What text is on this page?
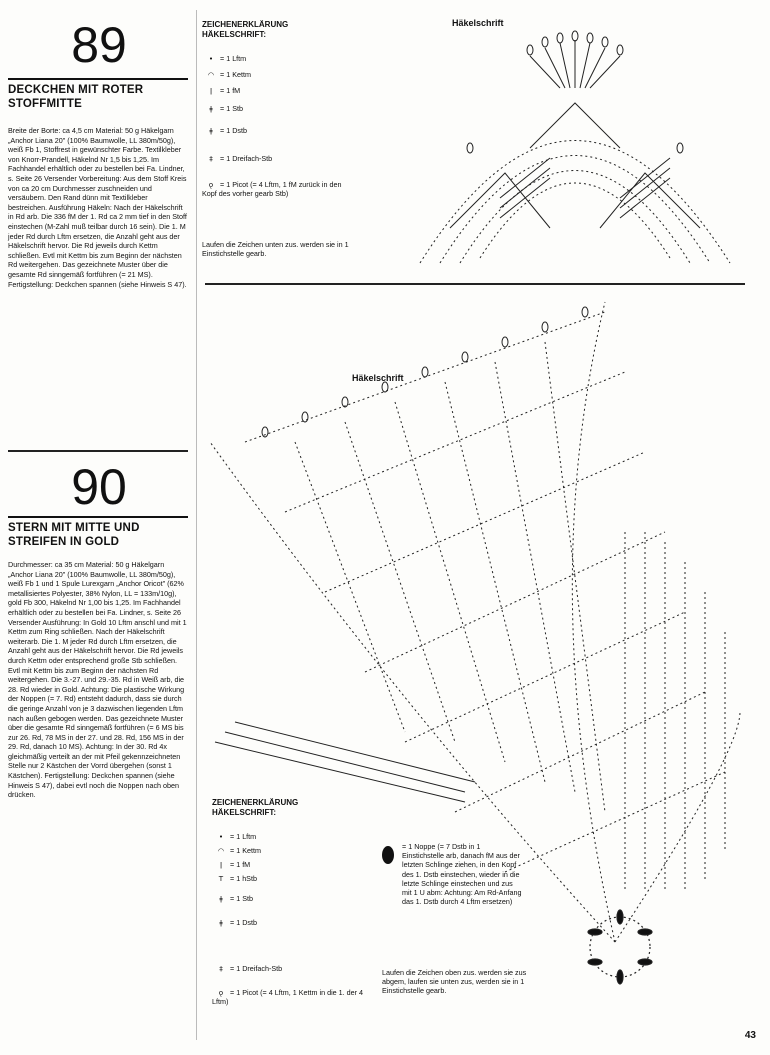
89
DECKCHEN MIT ROTER STOFFMITTE
Breite der Borte: ca 4,5 cm Material: 50 g Häkelgarn „Anchor Liana 20" (100% Baumwolle, LL 380m/50g), weiß Fb 1, Stoffrest in gewünschter Farbe. Textilkleber von Knorr-Prandell, Häkelnd Nr 1,5 bis 1,25. Im Fachhandel erhältlich oder zu bestellen bei Fa. Lindner, s. Seite 26 Versender Vorbereitung: Aus dem Stoff Kreis von ca 20 cm Durchmesser zuschneiden und versäubern. Den Rand dünn mit Textilkleber bestreichen. Ausführung Häkeln: Nach der Häkelschrift in Rd arb. Die 336 fM der 1. Rd ca 2 mm tief in den Stoff einstechen (M-Zahl muß teilbar durch 16 sein). Die 1. M jeder Rd durch Lftm ersetzen, die Anzahl geht aus der Häkelschrift hervor. Die Rd jeweils durch Kettm schließen. Evtl mit Kettm bis zum Beginn der nächsten Rd weitergehen. Das gezeichnete Muster über die gesamte Rd sinngemäß fortführen (= 21 MS). Fertigstellung: Deckchen spannen (siehe Hinweis S 47).
90
STERN MIT MITTE UND STREIFEN IN GOLD
Durchmesser: ca 35 cm Material: 50 g Häkelgarn „Anchor Liana 20" (100% Baumwolle, LL 380m/50g), weiß Fb 1 und 1 Spule Lurexgarn „Anchor Oricot" (62% metallisiertes Polyester, 38% Nylon, LL = 133m/10g), gold Fb 300, Häkelnd Nr 1,00 bis 1,25. Im Fachhandel erhältlich oder zu bestellen bei Fa. Lindner, s. Seite 26 Versender Ausführung: In Gold 10 Lftm anschl und mit 1 Kettm zum Ring schließen. Nach der Häkelschrift weiterarb. Die 1. M jeder Rd durch Lftm ersetzen, die Anzahl geht aus der Häkelschrift hervor. Die Rd jeweils durch Kettm oder entsprechend große Stb schließen. Evtl mit Kettm bis zum Beginn der nächsten Rd weitergehen. Die 3.-27. und 29.-35. Rd in Weiß arb, die 28. Rd wieder in Gold. Achtung: Die plastische Wirkung der Noppen (= 7. Rd) entsteht dadurch, dass sie durch die geringe Anzahl von je 3 dazwischen liegenden Lftm nach außen gebogen werden. Das gezeichnete Muster über die gesamte Rd sinngemäß fortführen (= 6 MS bis zur 26. Rd, 78 MS in der 27. und 28. Rd, 156 MS in der 29. Rd, danach 10 MS). Achtung: In der 30. Rd 4x gleichmäßig verteilt an der mit Pfeil gekennzeichneten Stelle nur 2 Kästchen der Vorrd übergehen (sonst 1 Kästchen). Fertigstellung: Deckchen spannen (siehe Hinweis S 47), dabei evtl noch die Noppen nach oben drücken.
ZEICHENERKLÄRUNG HÄKELSCHRIFT:
• = 1 Lftm
◠ = 1 Kettm
ǀ = 1 fM
ǂ = 1 Stb
ǂ = 1 Dstb
‡ = 1 Dreifach-Stb
ǫ = 1 Picot (= 4 Lftm, 1 fM zurück in den Kopf des vorher gearb Stb)
Laufen die Zeichen unten zus. werden sie in 1 Einstichstelle gearb.
Häkelschrift
Häkelschrift
ZEICHENERKLÄRUNG HÄKELSCHRIFT:
• = 1 Lftm
◠ = 1 Kettm
ǀ = 1 fM
T = 1 hStb
ǂ = 1 Stb
ǂ = 1 Dstb
‡ = 1 Dreifach-Stb
ǫ = 1 Picot (= 4 Lftm, 1 Kettm in die 1. der 4 Lftm)
= 1 Noppe (= 7 Dstb in 1 Einstichstelle arb, danach fM aus der letzten Schlinge ziehen, in den Kopf des 1. Dstb einstechen, wieder in die letzte Schlinge einstechen und zus mit 1 U abm: Achtung: Am Rd-Anfang das 1. Dstb durch 4 Lftm ersetzen)
Laufen die Zeichen oben zus. werden sie zus abgem, laufen sie unten zus, werden sie in 1 Einstichstelle gearb.
43
